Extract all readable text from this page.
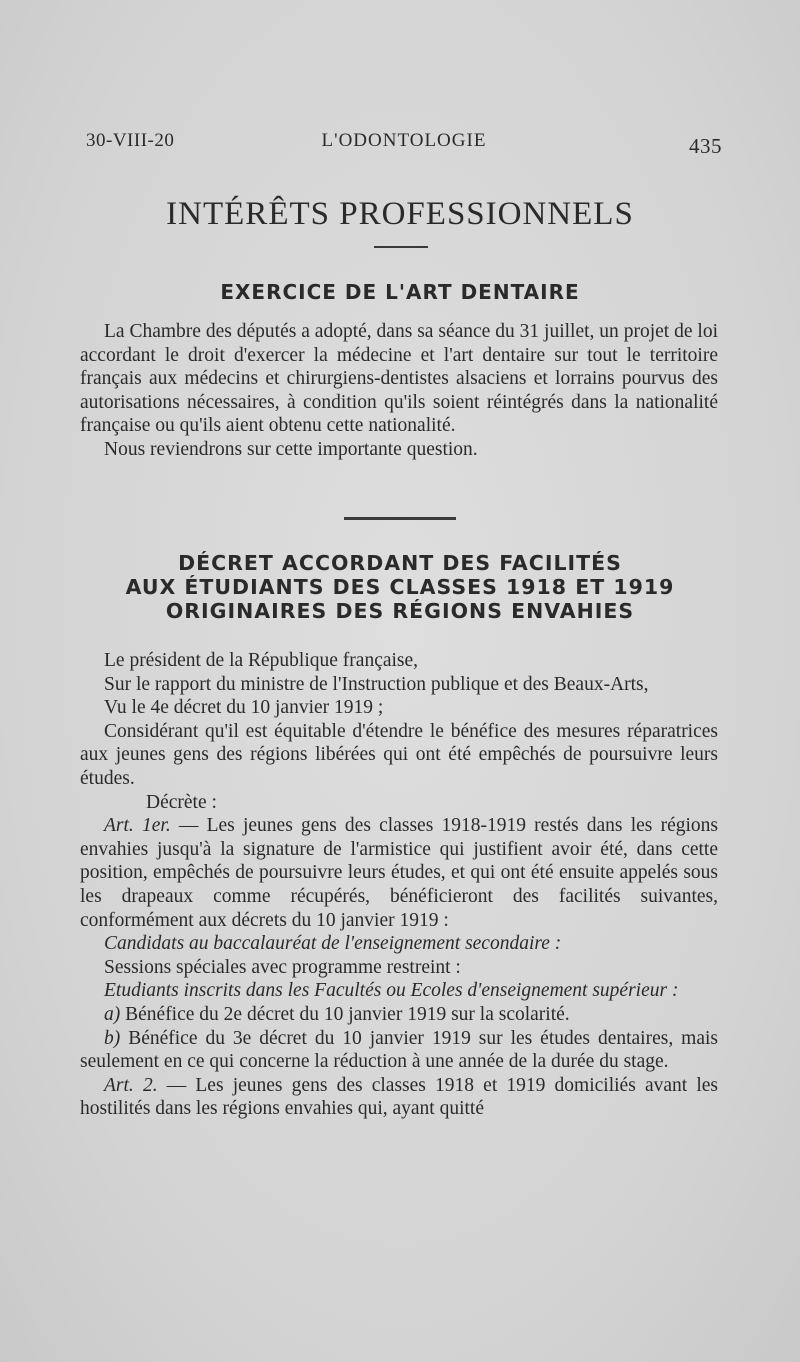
30-VIII-20	L'ODONTOLOGIE	435
INTÉRÊTS PROFESSIONNELS
EXERCICE DE L'ART DENTAIRE

La Chambre des députés a adopté, dans sa séance du 31 juillet, un projet de loi accordant le droit d'exercer la médecine et l'art dentaire sur tout le territoire français aux médecins et chirurgiens-dentistes alsaciens et lorrains pourvus des autorisations nécessaires, à condition qu'ils soient réintégrés dans la nationalité française ou qu'ils aient obtenu cette nationalité.

Nous reviendrons sur cette importante question.

DÉCRET ACCORDANT DES FACILITÉS
AUX ÉTUDIANTS DES CLASSES 1918 ET 1919
ORIGINAIRES DES RÉGIONS ENVAHIES

Le président de la République française,

Sur le rapport du ministre de l'Instruction publique et des Beaux-Arts,

Vu le 4e décret du 10 janvier 1919 ;

Considérant qu'il est équitable d'étendre le bénéfice des mesures réparatrices aux jeunes gens des régions libérées qui ont été empêchés de poursuivre leurs études.

Décrète :

Art. 1er. — Les jeunes gens des classes 1918-1919 restés dans les régions envahies jusqu'à la signature de l'armistice qui justifient avoir été, dans cette position, empêchés de poursuivre leurs études, et qui ont été ensuite appelés sous les drapeaux comme récupérés, bénéficieront des facilités suivantes, conformément aux décrets du 10 janvier 1919 :

Candidats au baccalauréat de l'enseignement secondaire :

Sessions spéciales avec programme restreint :

Etudiants inscrits dans les Facultés ou Ecoles d'enseignement supérieur :

a) Bénéfice du 2e décret du 10 janvier 1919 sur la scolarité.

b) Bénéfice du 3e décret du 10 janvier 1919 sur les études dentaires, mais seulement en ce qui concerne la réduction à une année de la durée du stage.

Art. 2. — Les jeunes gens des classes 1918 et 1919 domiciliés avant les hostilités dans les régions envahies qui, ayant quitté
